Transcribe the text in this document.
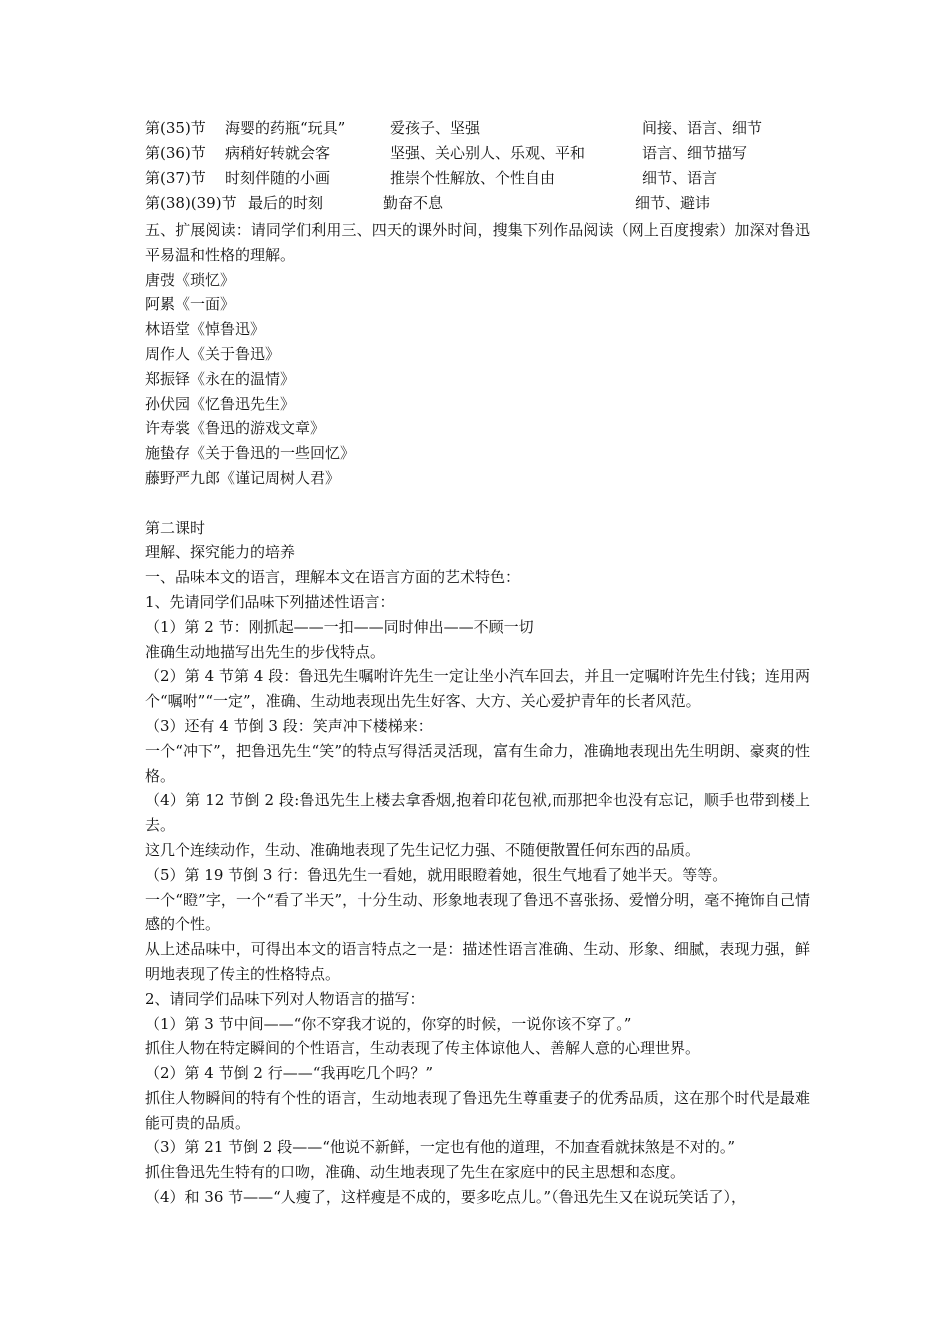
第(35)节 海婴的药瓶“玩具”	爱孩子、坚强	间接、语言、细节
第(36)节 病稍好转就会客	坚强、关心别人、乐观、平和	语言、细节描写
第(37)节 时刻伴随的小画	推崇个性解放、个性自由	细节、语言
第(38)(39)节 最后的时刻	勤奋不息	细节、避讳

五、扩展阅读：请同学们利用三、四天的课外时间，搜集下列作品阅读（网上百度搜索）加深对鲁迅平易温和性格的理解。

唐弢《琐忆》

阿累《一面》

林语堂《悼鲁迅》

周作人《关于鲁迅》

郑振铎《永在的温情》

孙伏园《忆鲁迅先生》

许寿裳《鲁迅的游戏文章》

施蛰存《关于鲁迅的一些回忆》

藤野严九郎《谨记周树人君》

第二课时

理解、探究能力的培养

一、品味本文的语言，理解本文在语言方面的艺术特色：

1、先请同学们品味下列描述性语言：

（1）第 2 节：刚抓起——一扣——同时伸出——不顾一切

准确生动地描写出先生的步伐特点。

（2）第 4 节第 4 段：鲁迅先生嘱咐许先生一定让坐小汽车回去，并且一定嘱咐许先生付钱；连用两个“嘱咐”“一定”，准确、生动地表现出先生好客、大方、关心爱护青年的长者风范。

（3）还有 4 节倒 3 段：笑声冲下楼梯来：

一个“冲下”，把鲁迅先生“笑”的特点写得活灵活现，富有生命力，准确地表现出先生明朗、豪爽的性格。

（4）第 12 节倒 2 段:鲁迅先生上楼去拿香烟,抱着印花包袱,而那把伞也没有忘记，顺手也带到楼上去。

这几个连续动作，生动、准确地表现了先生记忆力强、不随便散置任何东西的品质。

（5）第 19 节倒 3 行：鲁迅先生一看她，就用眼瞪着她，很生气地看了她半天。等等。

一个“瞪”字，一个“看了半天”，十分生动、形象地表现了鲁迅不喜张扬、爱憎分明，毫不掩饰自己情感的个性。

从上述品味中，可得出本文的语言特点之一是：描述性语言准确、生动、形象、细腻，表现力强，鲜明地表现了传主的性格特点。

2、请同学们品味下列对人物语言的描写：

（1）第 3 节中间——“你不穿我才说的，你穿的时候，一说你该不穿了。”

抓住人物在特定瞬间的个性语言，生动表现了传主体谅他人、善解人意的心理世界。

（2）第 4 节倒 2 行——“我再吃几个吗？”

抓住人物瞬间的特有个性的语言，生动地表现了鲁迅先生尊重妻子的优秀品质，这在那个时代是最难能可贵的品质。

（3）第 21 节倒 2 段——“他说不新鲜，一定也有他的道理，不加查看就抹煞是不对的。”

抓住鲁迅先生特有的口吻，准确、动生地表现了先生在家庭中的民主思想和态度。

（4）和 36 节——“人瘦了，这样瘦是不成的，要多吃点儿。”（鲁迅先生又在说玩笑话了），
